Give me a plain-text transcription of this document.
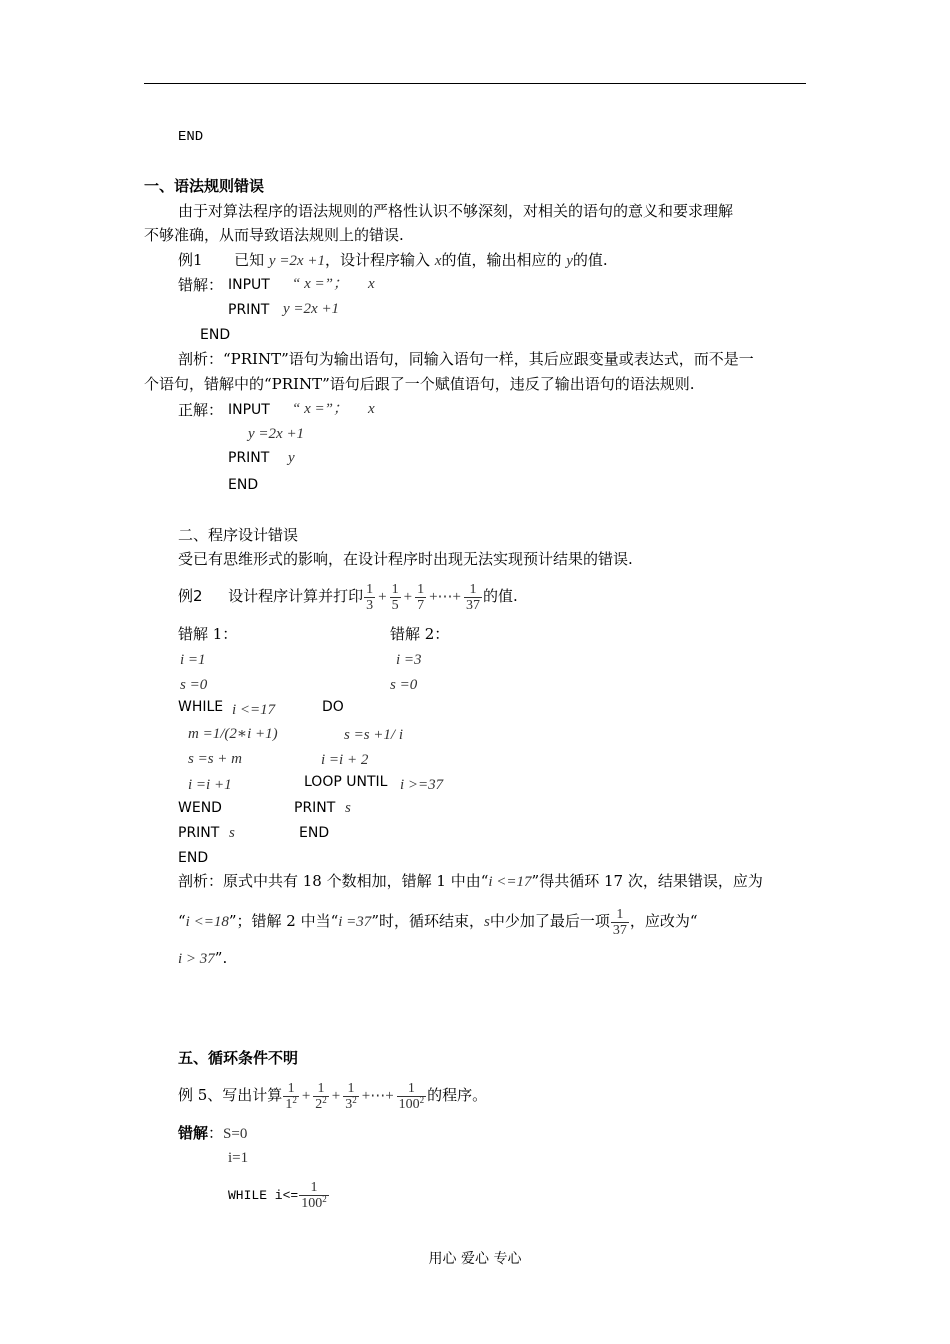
END
一、语法规则错误
由于对算法程序的语法规则的严格性认识不够深刻，对相关的语句的意义和要求理解
不够准确，从而导致语法规则上的错误.
例1 已知 y =2x +1，设计程序输入 x的值，输出相应的 y的值.
错解： INPUT “ x =”； x
PRINT y =2x +1
END
剖析：“PRINT”语句为输出语句，同输入语句一样，其后应跟变量或表达式，而不是一
个语句，错解中的“PRINT”语句后跟了一个赋值语句，违反了输出语句的语法规则.
正解： INPUT “ x =”； x
y =2x +1
PRINT y
END
二、程序设计错误
受已有思维形式的影响，在设计程序时出现无法实现预计结果的错误.
例2 设计程序计算并打印 $\frac{1}{3} + \frac{1}{5} + \frac{1}{7}$ +⋯+ $\frac{1}{37}$ 的值.
错解 1：	错解 2：
i =1	i =3
s =0	s =0
WHILE i <=17	DO
m =1/(2∗i +1)	s =s +1/ i
s =s + m	i =i + 2
i =i +1	LOOP UNTIL i >=37
WEND	PRINT s
PRINT s	END
END
剖析：原式中共有 18 个数相加，错解 1 中由“i <=17”得共循环 17 次，结果错误，应为
“i <=18”；错解 2 中当“i =37”时，循环结束，s中少加了最后一项 $\frac{1}{37}$ ，应改为“
i > 37”.
五、循环条件不明
例 5、写出计算 $\frac{1}{1^2} + \frac{1}{2^2} + \frac{1}{3^2}$ +⋯+ $\frac{1}{100^2}$ 的程序。
错解：S=0
i=1
WHILE $i<= \frac{1}{100^2}$
用心 爱心 专心
